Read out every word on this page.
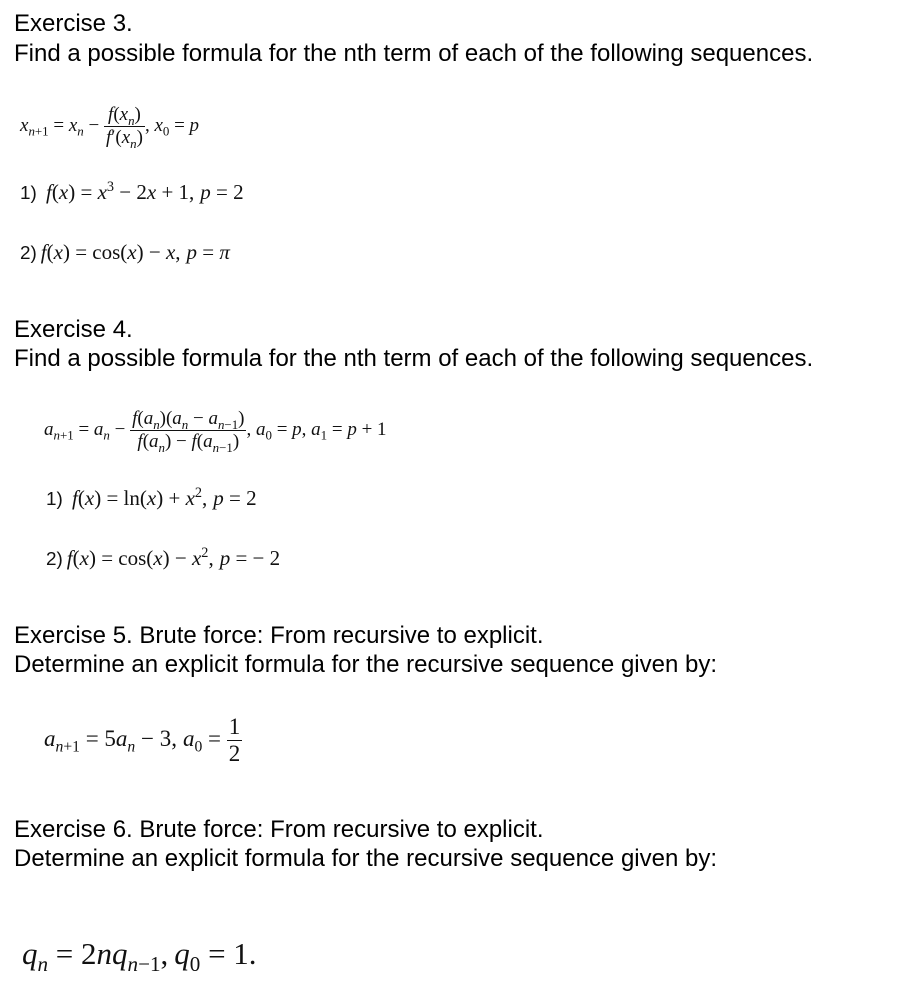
Exercise 3.
Find a possible formula for the nth term of each of the following sequences.
$x_{n+1} = x_n - \frac{f(x_n)}{f'(x_n)}$ , $x_0 = p$
1) $f(x) = x^3 - 2x + 1$, p = 2
2) f(x) = cos(x) − x, p = π
Exercise 4.
Find a possible formula for the nth term of each of the following sequences.
$a_{n+1} = a_n - \frac{f(a_n)(a_n - a_{n-1})}{f(a_n) - f(a_{n-1})}$ , $a_0 = p$, $a_1 = p + 1$
1) $f(x) = \ln(x) + x^2$, p = 2
2) $f(x) = \cos(x) - x^2$, p = − 2
Exercise 5. Brute force: From recursive to explicit.
Determine an explicit formula for the recursive sequence given by:
$a_{n+1} = 5a_n - 3$, $a_0 = \frac{1}{2}$
Exercise 6. Brute force: From recursive to explicit.
Determine an explicit formula for the recursive sequence given by:
$q_n = 2nq_{n-1}$, $q_0 = 1$.
